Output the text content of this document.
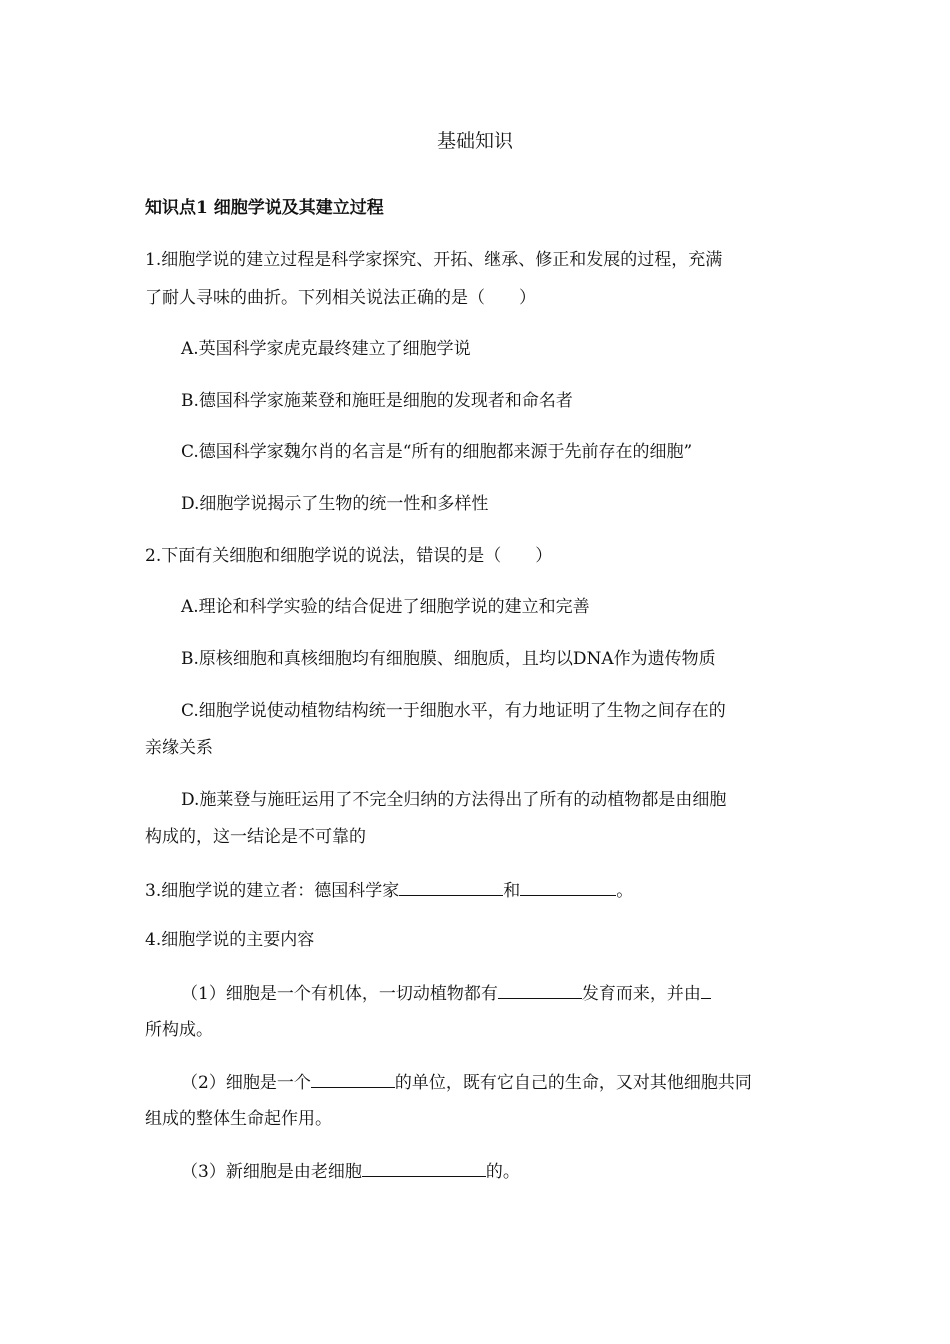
基础知识
知识点1 细胞学说及其建立过程
1.细胞学说的建立过程是科学家探究、开拓、继承、修正和发展的过程，充满
了耐人寻味的曲折。下列相关说法正确的是（　　）
A.英国科学家虎克最终建立了细胞学说
B.德国科学家施莱登和施旺是细胞的发现者和命名者
C.德国科学家魏尔肖的名言是“所有的细胞都来源于先前存在的细胞”
D.细胞学说揭示了生物的统一性和多样性
2.下面有关细胞和细胞学说的说法，错误的是（　　）
A.理论和科学实验的结合促进了细胞学说的建立和完善
B.原核细胞和真核细胞均有细胞膜、细胞质，且均以DNA作为遗传物质
C.细胞学说使动植物结构统一于细胞水平，有力地证明了生物之间存在的
亲缘关系
D.施莱登与施旺运用了不完全归纳的方法得出了所有的动植物都是由细胞
构成的，这一结论是不可靠的
3.细胞学说的建立者：德国科学家	和	。
4.细胞学说的主要内容
（1）细胞是一个有机体，一切动植物都有	发育而来，并由
所构成。
（2）细胞是一个	的单位，既有它自己的生命，又对其他细胞共同
组成的整体生命起作用。
（3）新细胞是由老细胞	的。
